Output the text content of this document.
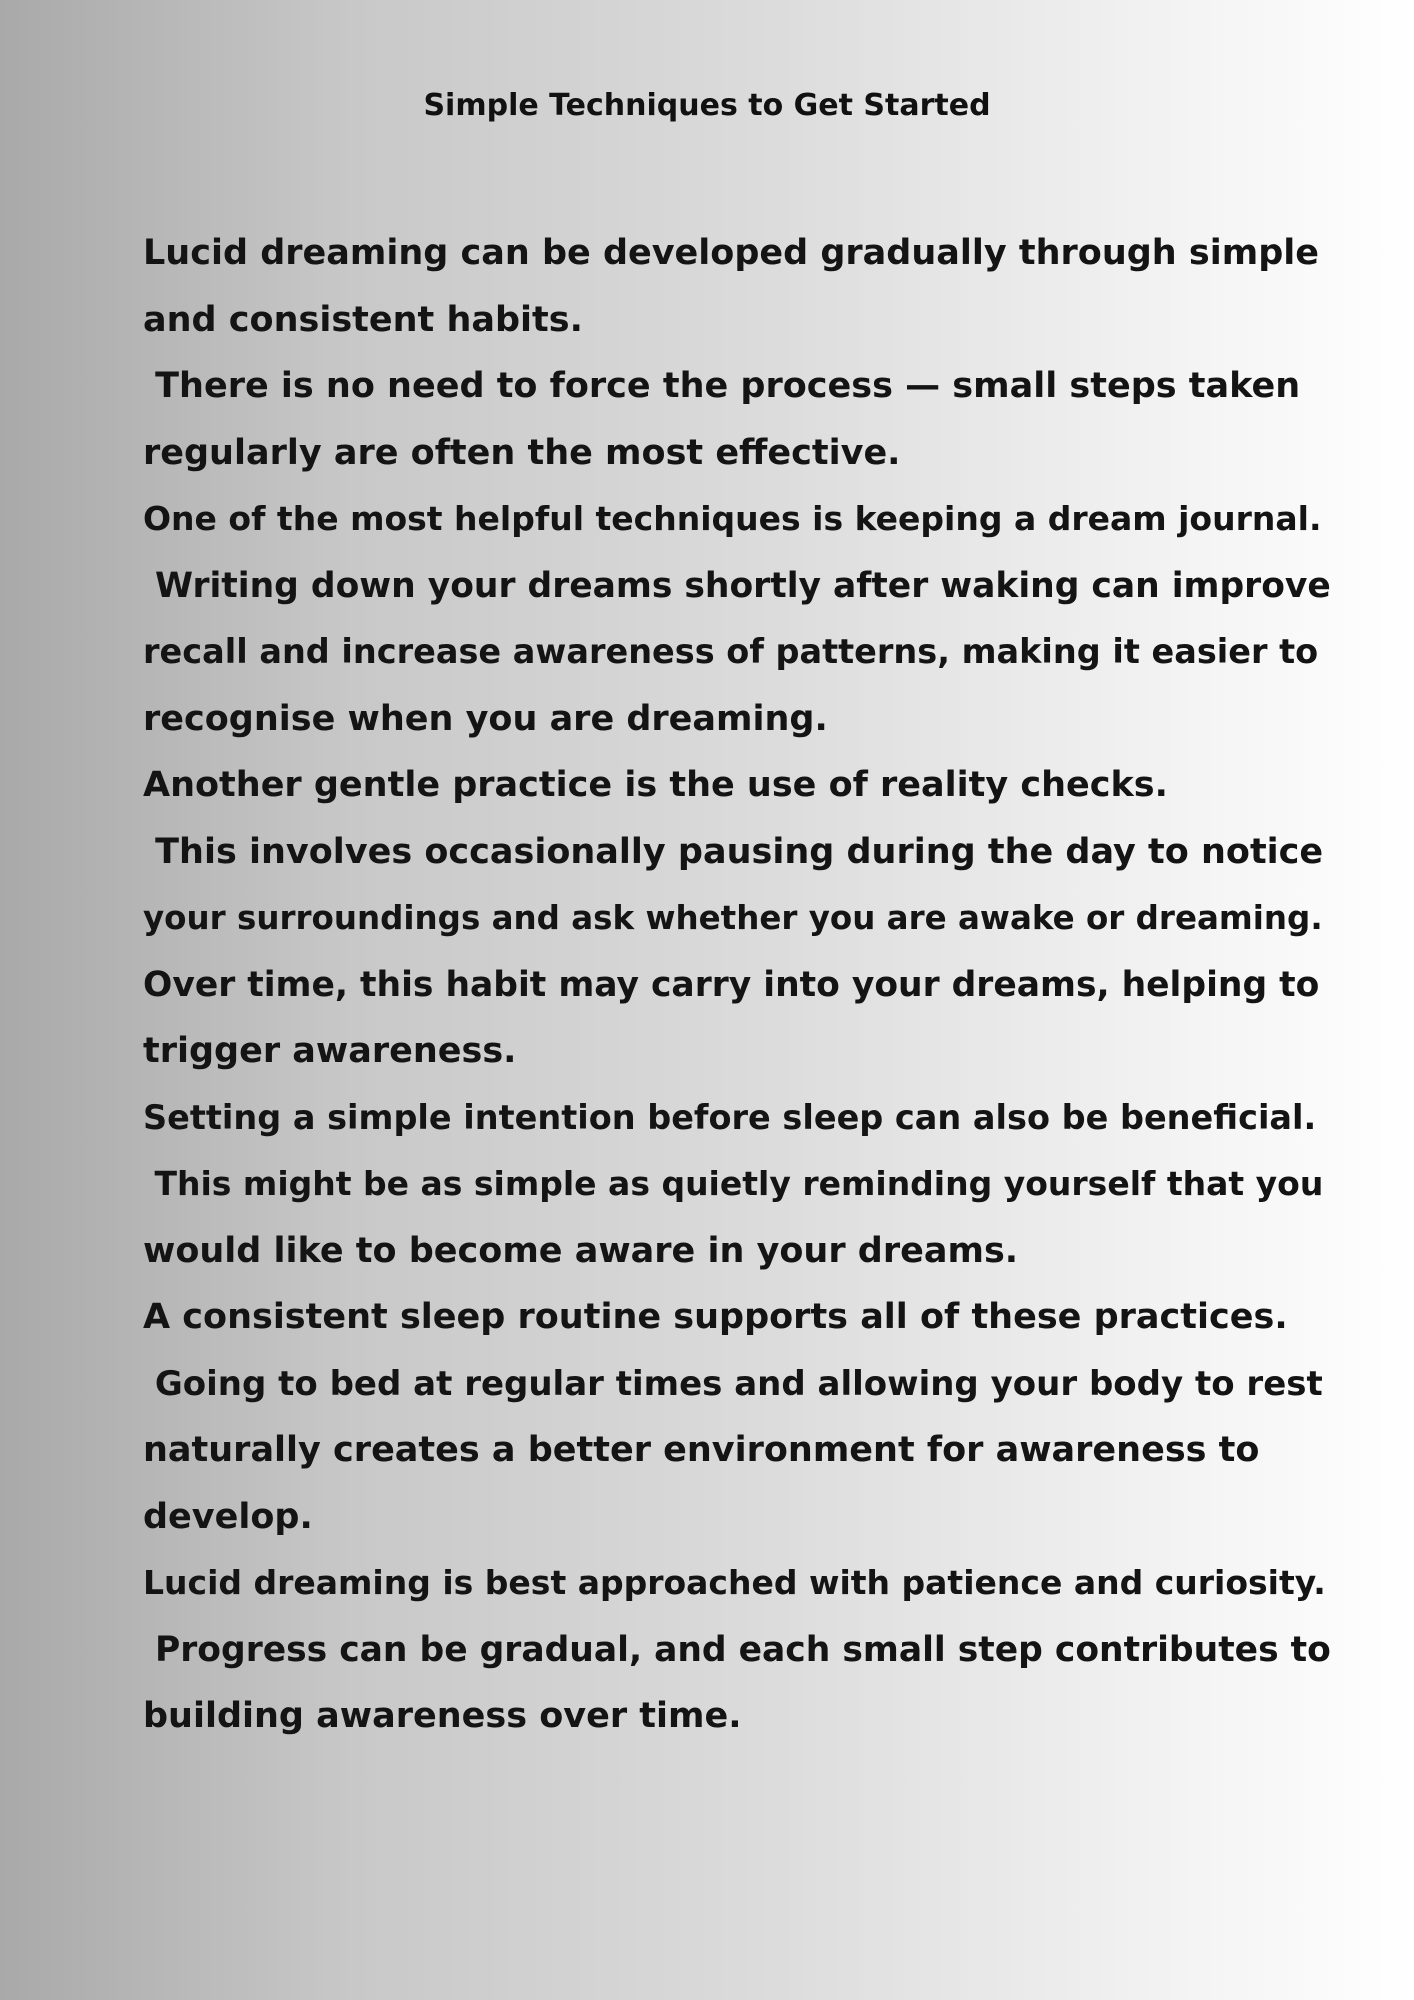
Simple Techniques to Get Started
Lucid dreaming can be developed gradually through simple
and consistent habits.
There is no need to force the process — small steps taken
regularly are often the most effective.
One of the most helpful techniques is keeping a dream journal.
Writing down your dreams shortly after waking can improve
recall and increase awareness of patterns, making it easier to
recognise when you are dreaming.
Another gentle practice is the use of reality checks.
This involves occasionally pausing during the day to notice
your surroundings and ask whether you are awake or dreaming.
Over time, this habit may carry into your dreams, helping to
trigger awareness.
Setting a simple intention before sleep can also be beneficial.
This might be as simple as quietly reminding yourself that you
would like to become aware in your dreams.
A consistent sleep routine supports all of these practices.
Going to bed at regular times and allowing your body to rest
naturally creates a better environment for awareness to
develop.
Lucid dreaming is best approached with patience and curiosity.
Progress can be gradual, and each small step contributes to
building awareness over time.
